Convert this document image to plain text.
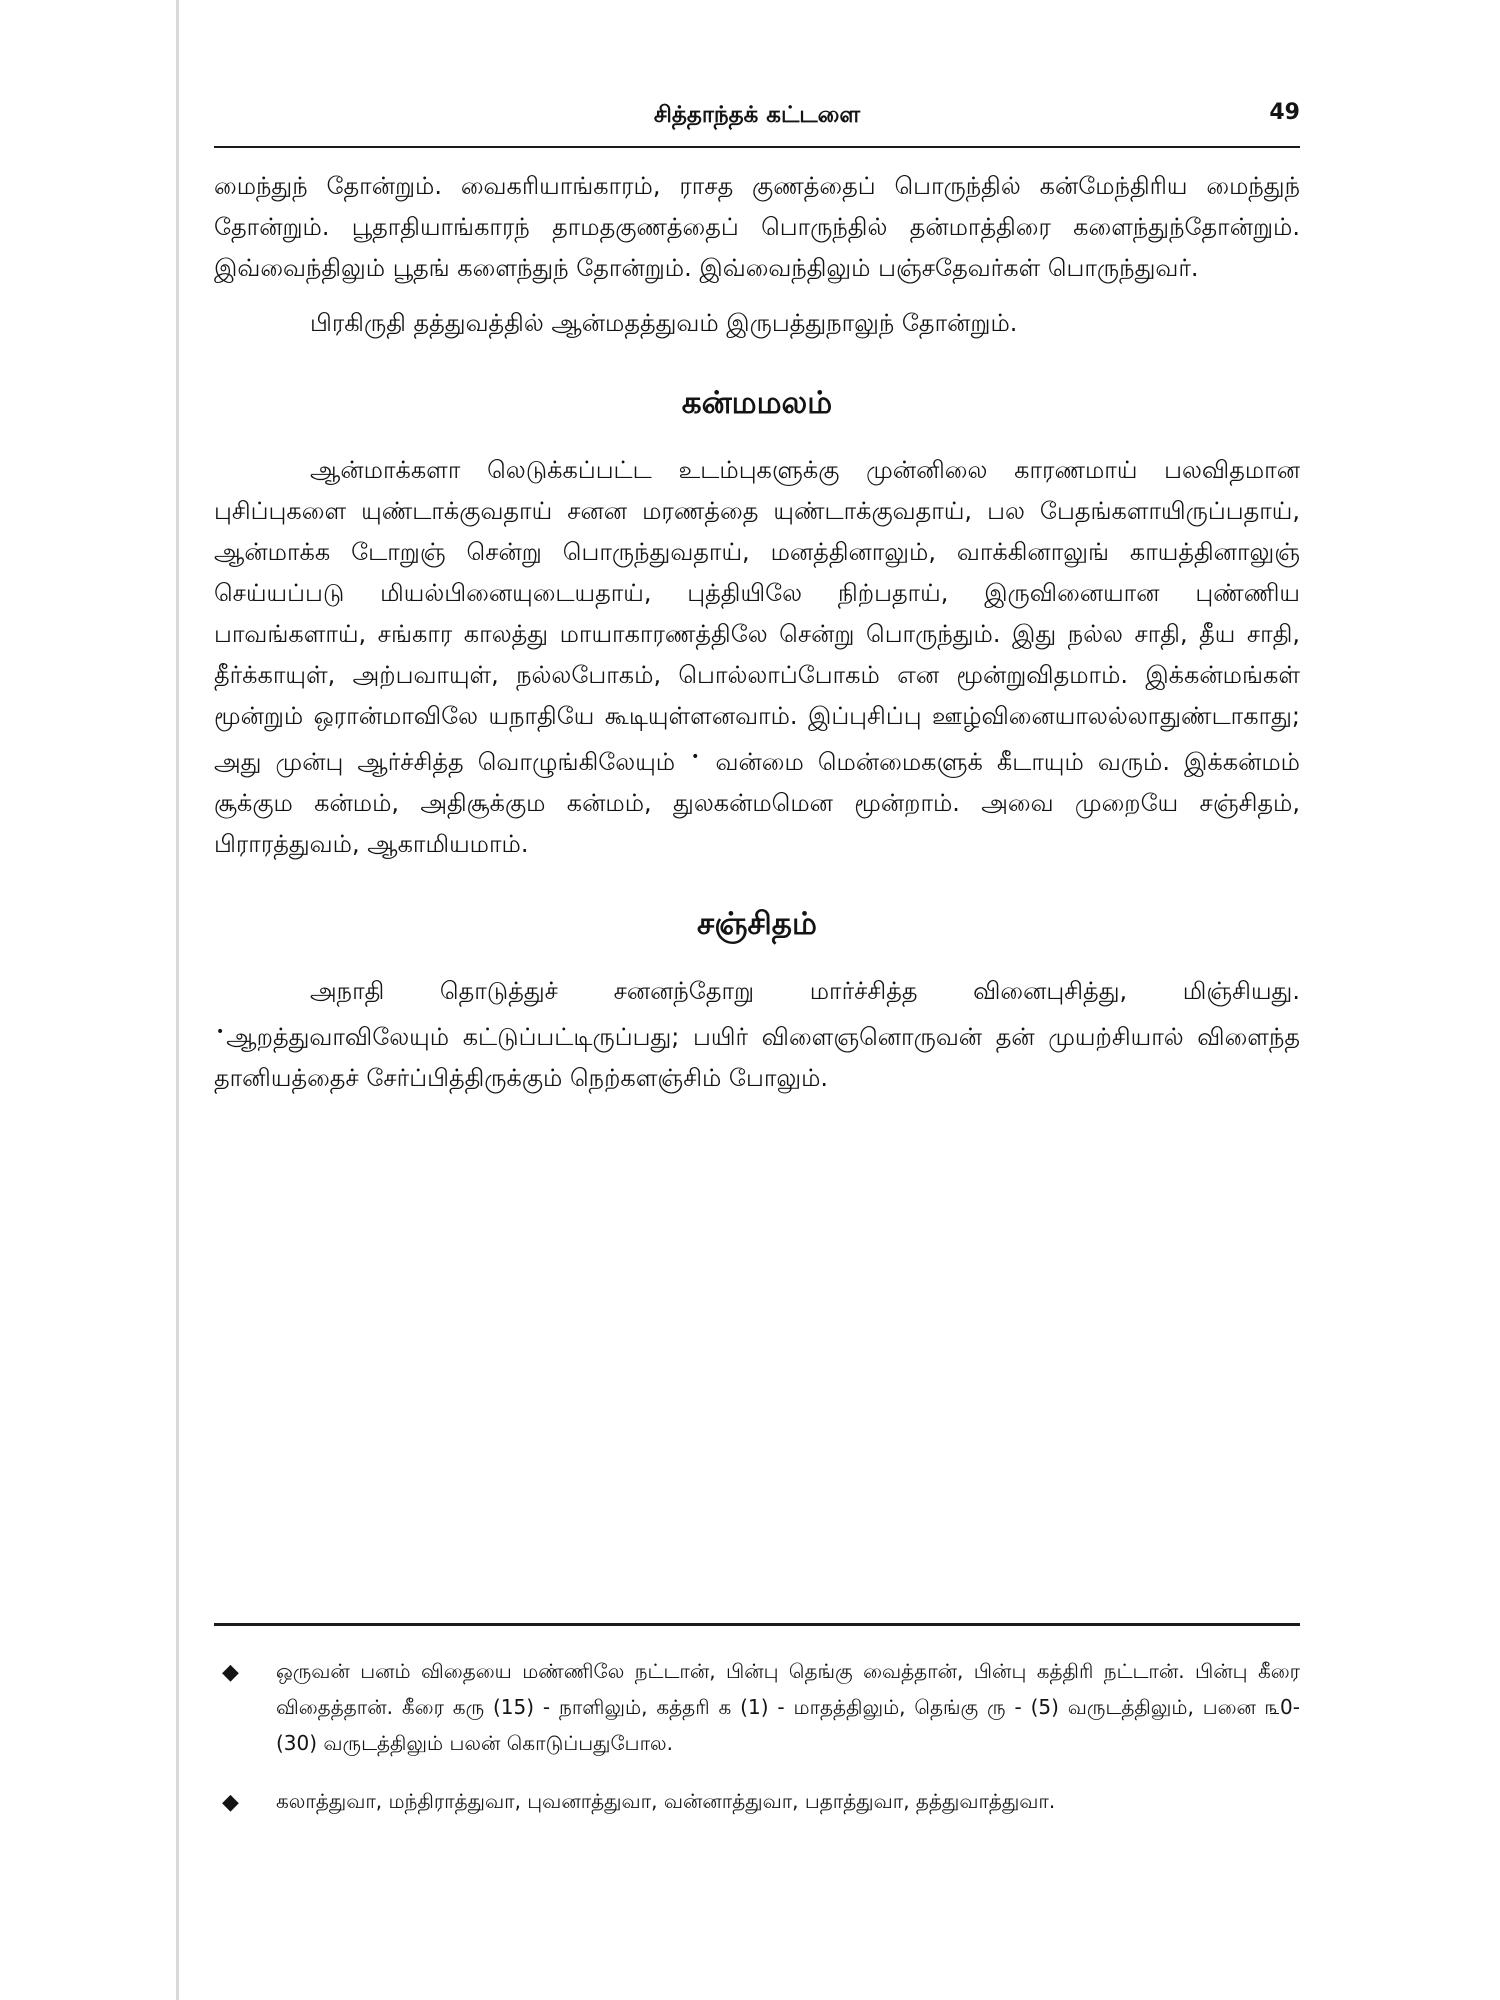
சித்தாந்தக் கட்டளை	49

மைந்துந் தோன்றும். வைகரியாங்காரம், ராசத குணத்தைப் பொருந்தில் கன்மேந்திரிய மைந்துந் தோன்றும். பூதாதியாங்காரந் தாமதகுணத்தைப் பொருந்தில் தன்மாத்திரை களைந்துந்தோன்றும். இவ்வைந்திலும் பூதங் களைந்துந் தோன்றும். இவ்வைந்திலும் பஞ்சதேவர்கள் பொருந்துவர்.

பிரகிருதி தத்துவத்தில் ஆன்மதத்துவம் இருபத்துநாலுந் தோன்றும்.

கன்மமலம்

ஆன்மாக்களா லெடுக்கப்பட்ட உடம்புகளுக்கு முன்னிலை காரணமாய் பலவிதமான புசிப்புகளை யுண்டாக்குவதாய் சனன மரணத்தை யுண்டாக்குவதாய், பல பேதங்களாயிருப்பதாய், ஆன்மாக்க டோறுஞ் சென்று பொருந்துவதாய், மனத்தினாலும், வாக்கினாலுங் காயத்தினாலுஞ் செய்யப்படு மியல்பினையுடையதாய், புத்தியிலே நிற்பதாய், இருவினையான புண்ணிய பாவங்களாய், சங்கார காலத்து மாயாகாரணத்திலே சென்று பொருந்தும். இது நல்ல சாதி, தீய சாதி, தீர்க்காயுள், அற்பவாயுள், நல்லபோகம், பொல்லாப்போகம் என மூன்றுவிதமாம். இக்கன்மங்கள் மூன்றும் ஒரான்மாவிலே யநாதியே கூடியுள்ளனவாம். இப்புசிப்பு ஊழ்வினையாலல்லாதுண்டாகாது; அது முன்பு ஆர்ச்சித்த வொழுங்கிலேயும் • வன்மை மென்மைகளுக் கீடாயும் வரும். இக்கன்மம் சூக்கும கன்மம், அதிசூக்கும கன்மம், துலகன்மமென மூன்றாம். அவை முறையே சஞ்சிதம், பிராரத்துவம், ஆகாமியமாம்.

சஞ்சிதம்

அநாதி தொடுத்துச் சனனந்தோறு மார்ச்சித்த வினைபுசித்து, மிஞ்சியது. •ஆறத்துவாவிலேயும் கட்டுப்பட்டிருப்பது; பயிர் விளைஞனொருவன் தன் முயற்சியால் விளைந்த தானியத்தைச் சேர்ப்பித்திருக்கும் நெற்களஞ்சிம் போலும்.

◆ ஒருவன் பனம் விதையை மண்ணிலே நட்டான், பின்பு தெங்கு வைத்தான், பின்பு கத்திரி நட்டான். பின்பு கீரை விதைத்தான். கீரை கரு (15) - நாளிலும், கத்தரி க (1) - மாதத்திலும், தெங்கு ரு - (5) வருடத்திலும், பனை ௩0- (30) வருடத்திலும் பலன் கொடுப்பதுபோல.

◆ கலாத்துவா, மந்திராத்துவா, புவனாத்துவா, வன்னாத்துவா, பதாத்துவா, தத்துவாத்துவா.
